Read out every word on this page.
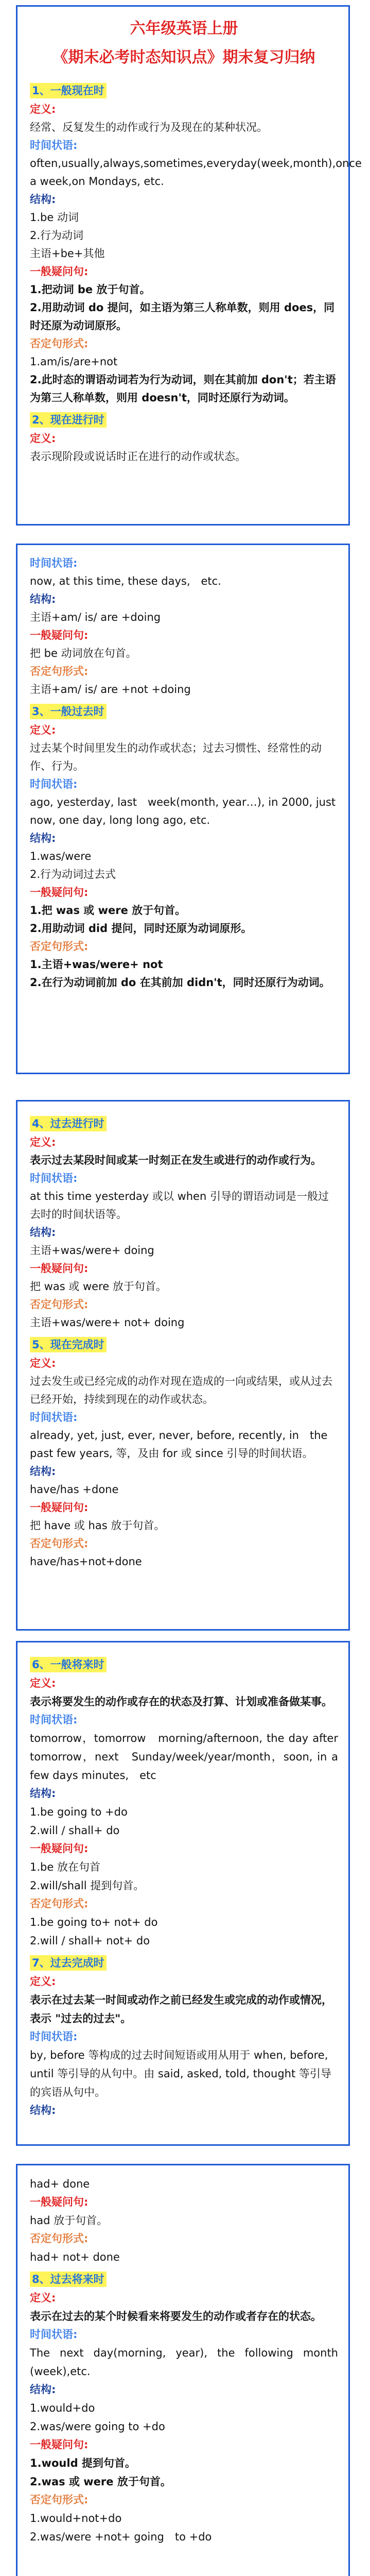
六年级英语上册
《期末必考时态知识点》期末复习归纳
1、一般现在时
定义:
经常、反复发生的动作或行为及现在的某种状况。
时间状语:
often,usually,always,sometimes,everyday(week,month),once a week,on Mondays, etc.
结构:
1.be 动词
2.行为动词
主语+be+其他
一般疑问句:
1.把动词 be 放于句首。
2.用助动词 do 提问，如主语为第三人称单数，则用 does，同时还原为动词原形。
否定句形式:
1.am/is/are+not
2.此时态的谓语动词若为行为动词，则在其前加 don't；若主语为第三人称单数，则用 doesn't，同时还原行为动词。
2、现在进行时
定义:
表示现阶段或说话时正在进行的动作或状态。
时间状语:
now, at this time, these days,　etc.
结构:
主语+am/ is/ are +doing
一般疑问句:
把 be 动词放在句首。
否定句形式:
主语+am/ is/ are +not +doing
3、一般过去时
定义:
过去某个时间里发生的动作或状态；过去习惯性、经常性的动作、行为。
时间状语:
ago, yesterday, last　week(month, year…), in 2000, just now, one day, long long ago, etc.
结构:
1.was/were
2.行为动词过去式
一般疑问句:
1.把 was 或 were 放于句首。
2.用助动词 did 提问，同时还原为动词原形。
否定句形式:
1.主语+was/were+ not
2.在行为动词前加 do 在其前加 didn't，同时还原行为动词。
4、过去进行时
定义:
表示过去某段时间或某一时刻正在发生或进行的动作或行为。
时间状语:
at this time yesterday 或以 when 引导的谓语动词是一般过去时的时间状语等。
结构:
主语+was/were+ doing
一般疑问句:
把 was 或 were 放于句首。
否定句形式:
主语+was/were+ not+ doing
5、现在完成时
定义:
过去发生或已经完成的动作对现在造成的一向或结果，或从过去已经开始，持续到现在的动作或状态。
时间状语:
already, yet, just, ever, never, before, recently, in　the past few years, 等，及由 for 或 since 引导的时间状语。
结构:
have/has +done
一般疑问句:
把 have 或 has 放于句首。
否定句形式:
have/has+not+done
6、一般将来时
定义:
表示将要发生的动作或存在的状态及打算、计划或准备做某事。
时间状语:
tomorrow，tomorrow　morning/afternoon, the day after tomorrow，next　Sunday/week/year/month，soon, in a few days minutes,　etc
结构:
1.be going to +do
2.will / shall+ do
一般疑问句:
1.be 放在句首
2.will/shall 提到句首。
否定句形式:
1.be going to+ not+ do
2.will / shall+ not+ do
7、过去完成时
定义:
表示在过去某一时间或动作之前已经发生或完成的动作或情况，表示 "过去的过去"。
时间状语:
by, before 等构成的过去时间短语或用从用于 when, before, until 等引导的从句中。由 said, asked, told, thought 等引导的宾语从句中。
结构:
had+ done
一般疑问句:
had 放于句首。
否定句形式:
had+ not+ done
8、过去将来时
定义:
表示在过去的某个时候看来将要发生的动作或者存在的状态。
时间状语:
The next day(morning, year), the following month (week),etc.
结构:
1.would+do
2.was/were going to +do
一般疑问句:
1.would 提到句首。
2.was 或 were 放于句首。
否定句形式:
1.would+not+do
2.was/were +not+ going　to +do
